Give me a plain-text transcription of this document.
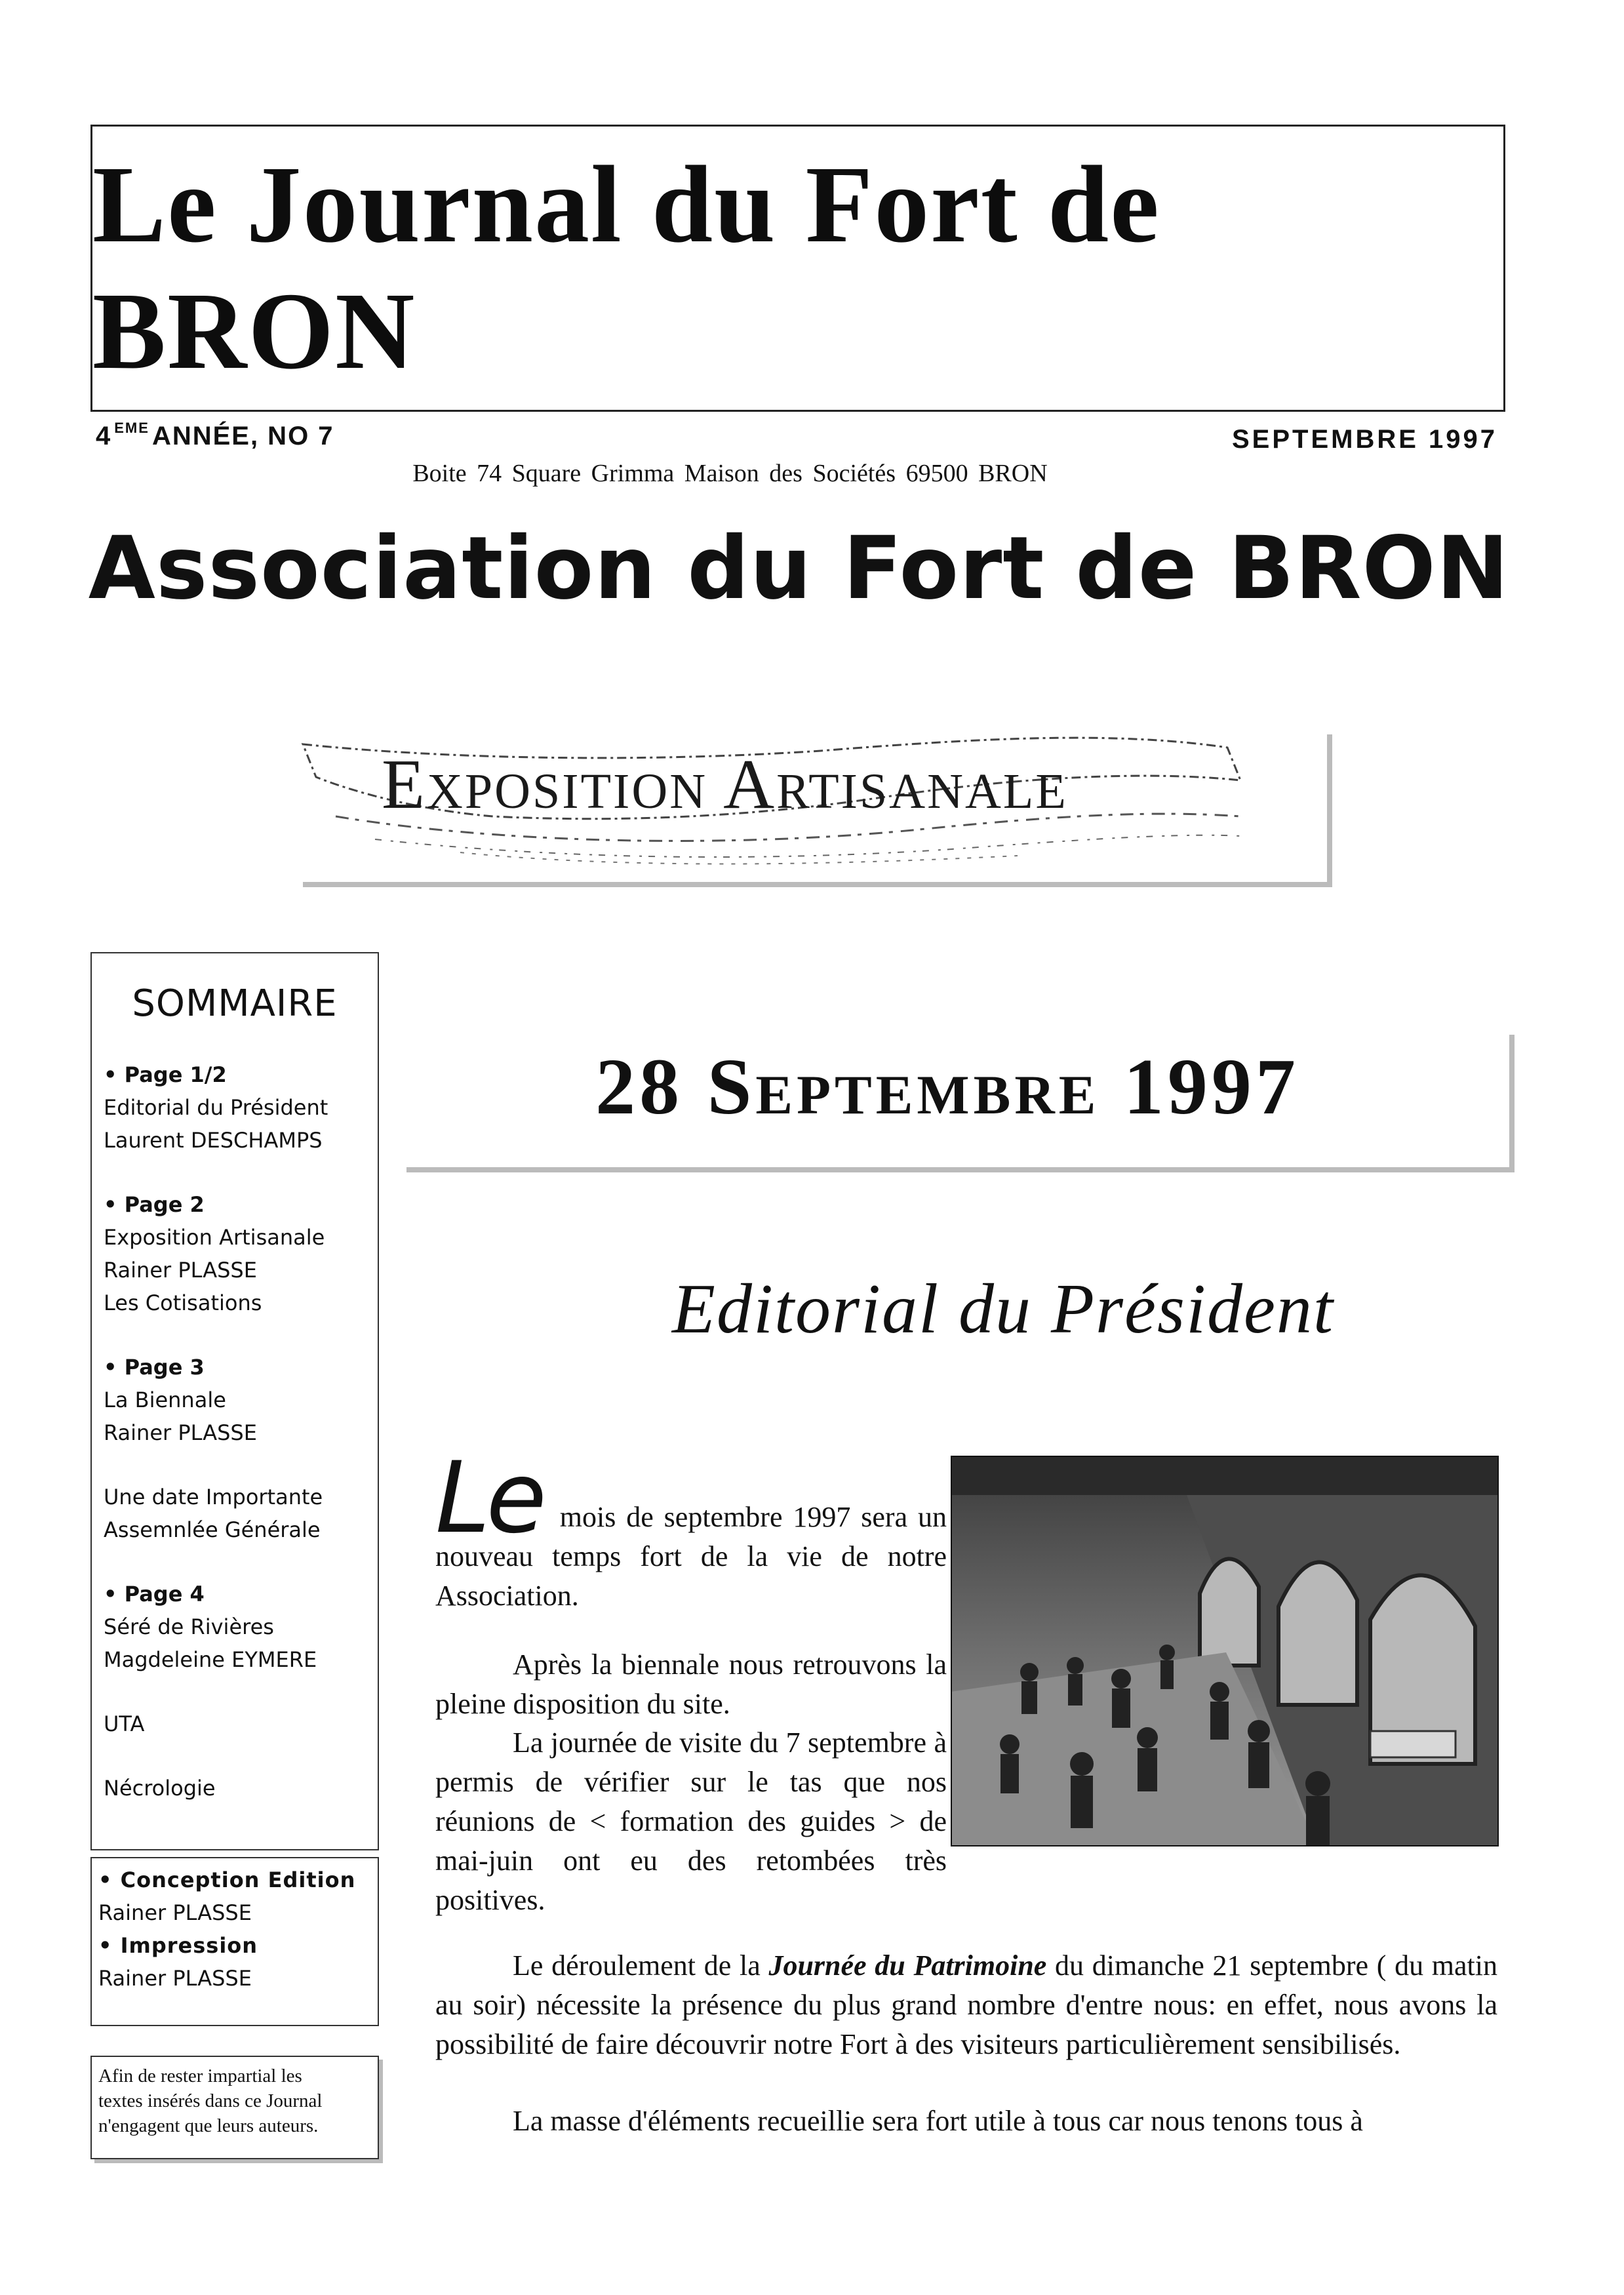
Le Journal du Fort de BRON
4 $^{EME}$ ANNÉE, NO 7	SEPTEMBRE 1997
Boite 74 Square Grimma Maison des Sociétés 69500 BRON
Association du Fort de BRON
Exposition Artisanale
SOMMAIRE
• Page 1/2
Editorial du Président
Laurent DESCHAMPS
• Page 2
Exposition Artisanale
Rainer PLASSE
Les Cotisations
• Page 3
La Biennale
Rainer PLASSE
Une date Importante
Assemnlée Générale
• Page 4
Séré de Rivières
Magdeleine EYMERE
UTA
Nécrologie
• Conception Edition
Rainer PLASSE
• Impression
Rainer PLASSE
Afin de rester impartial les
textes insérés dans ce Journal
n'engagent que leurs auteurs.
28 Septembre 1997
Editorial du Président
Le mois de septembre 1997 sera un nouveau temps fort de la vie de notre Association.
Après la biennale nous retrouvons la pleine disposition du site.
La journée de visite du 7 septembre à permis de vérifier sur le tas que nos réunions de < formation des guides > de mai-juin ont eu des retombées très positives.
Le déroulement de la Journée du Patrimoine du dimanche 21 septembre ( du matin au soir) nécessite la présence du plus grand nombre d'entre nous: en effet, nous avons la possibilité de faire découvrir notre Fort à des visiteurs particulièrement sensibilisés.
La masse d'éléments recueillie sera fort utile à tous car nous tenons tous à
